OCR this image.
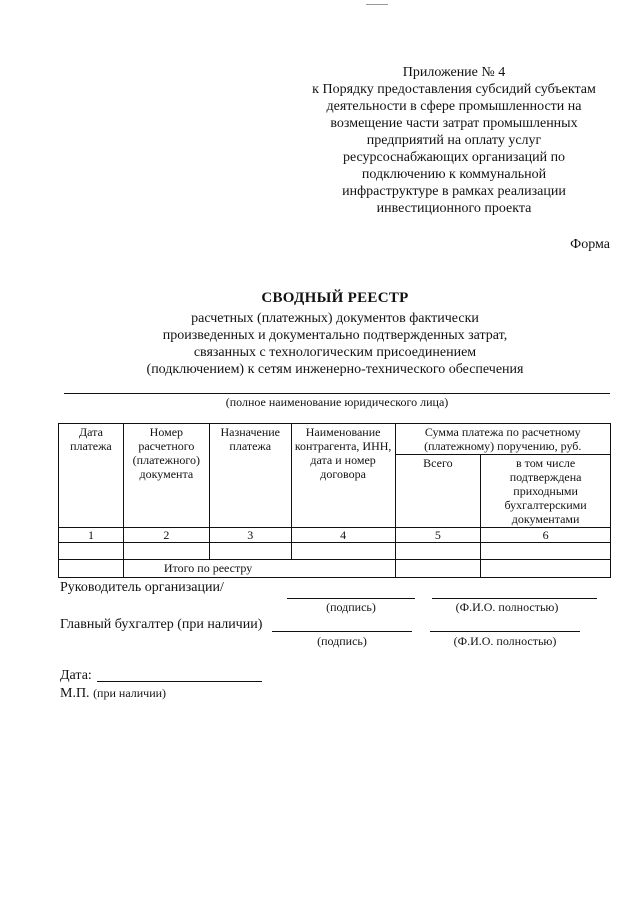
Приложение № 4
к Порядку предоставления субсидий субъектам
деятельности в сфере промышленности на
возмещение части затрат промышленных
предприятий на оплату услуг
ресурсоснабжающих организаций по
подключению к коммунальной
инфраструктуре в рамках реализации
инвестиционного проекта
Форма
СВОДНЫЙ РЕЕСТР
расчетных (платежных) документов фактически
произведенных и документально подтвержденных затрат,
связанных с технологическим присоединением
(подключением) к сетям инженерно-технического обеспечения
(полное наименование юридического лица)
Дата платежа	Номер расчетного (платежного) документа	Назначение платежа	Наименование контрагента, ИНН, дата и номер договора	Сумма платежа по расчетному (платежному) поручению, руб.	
				Всего	в том числе подтверждена приходными бухгалтерскими документами
1	2	3	4	5	6

	Итого по реестру				
Руководитель организации/
(подпись)	(Ф.И.О. полностью)
Главный бухгалтер (при наличии)
(подпись)	(Ф.И.О. полностью)
Дата:
М.П. (при наличии)
